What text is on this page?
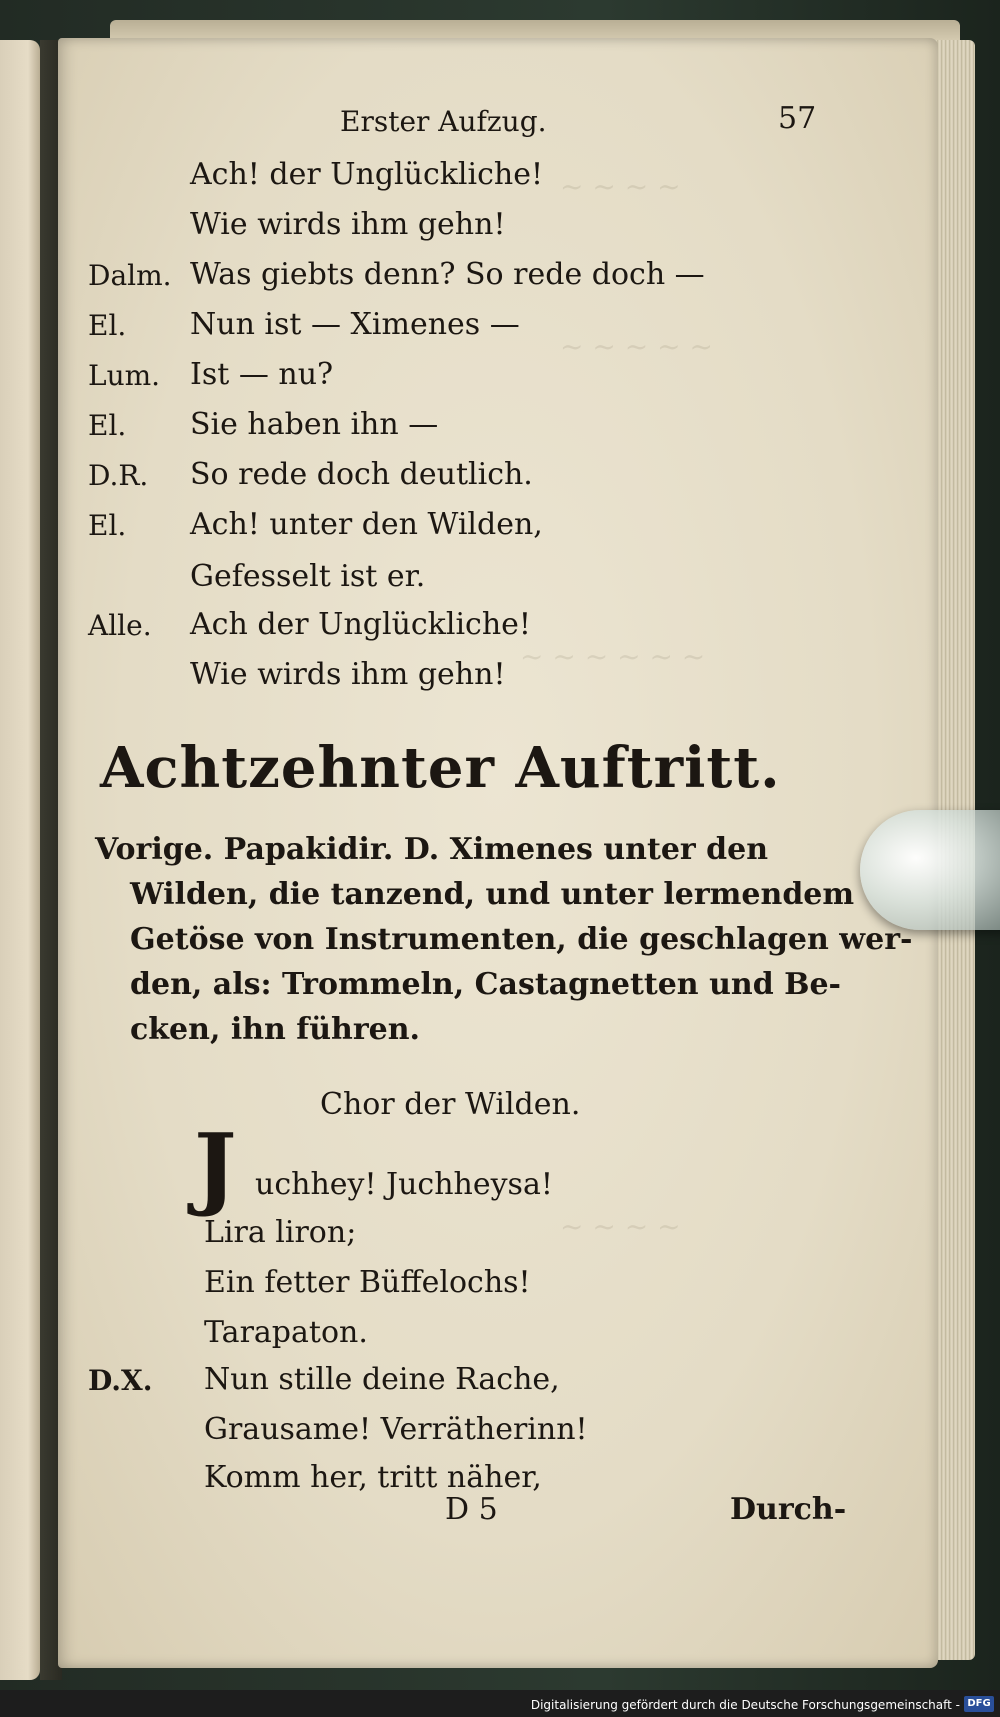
~ ~ ~ ~
~ ~ ~ ~ ~
~ ~ ~ ~ ~ ~
~ ~ ~ ~
Erster Aufzug.	57
Ach! der Unglückliche!
Wie wirds ihm gehn!
Dalm. Was giebts denn? So rede doch —
El. Nun ist — Ximenes —
Lum. Ist — nu?
El. Sie haben ihn —
D.R. So rede doch deutlich.
El. Ach! unter den Wilden,
Gefesselt ist er.
Alle. Ach der Unglückliche!
Wie wirds ihm gehn!
Achtzehnter Auftritt.
Vorige. Papakidir. D. Ximenes unter den
Wilden, die tanzend, und unter lermendem
Getöse von Instrumenten, die geschlagen wer-
den, als: Trommeln, Castagnetten und Be-
cken, ihn führen.
Chor der Wilden.
J uchhey! Juchheysa!
Lira liron;
Ein fetter Büffelochs!
Tarapaton.
D.X. Nun stille deine Rache,
Grausame! Verrätherinn!
Komm her, tritt näher,
D 5	Durch-
Digitalisierung gefördert durch die Deutsche Forschungsgemeinschaft - DFG
